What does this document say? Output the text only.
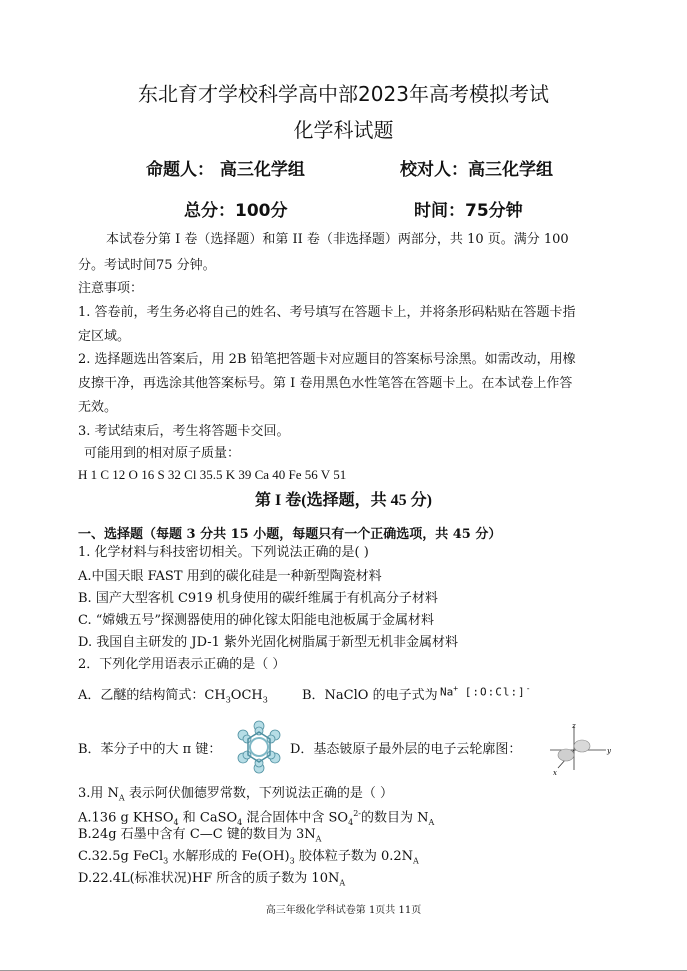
东北育才学校科学高中部2023年高考模拟考试
化学科试题
命题人： 高三化学组	校对人：高三化学组
总分：100分	时间：75分钟
本试卷分第 I 卷（选择题）和第 II 卷（非选择题）两部分，共 10 页。满分 100
分。考试时间75 分钟。
注意事项：
1. 答卷前，考生务必将自己的姓名、考号填写在答题卡上，并将条形码粘贴在答题卡指
定区域。
2. 选择题选出答案后，用 2B 铅笔把答题卡对应题目的答案标号涂黑。如需改动，用橡
皮擦干净，再选涂其他答案标号。第 I 卷用黑色水性笔答在答题卡上。在本试卷上作答
无效。
3. 考试结束后，考生将答题卡交回。
可能用到的相对原子质量：
H 1 C 12 O 16 S 32 Cl 35.5 K 39 Ca 40 Fe 56 V 51
第 I 卷(选择题，共 45 分)
一、选择题（每题 3 分共 15 小题，每题只有一个正确选项，共 45 分）
1. 化学材料与科技密切相关。下列说法正确的是( )
A.中国天眼 FAST 用到的碳化硅是一种新型陶瓷材料
B. 国产大型客机 C919 机身使用的碳纤维属于有机高分子材料
C. “嫦娥五号”探测器使用的砷化镓太阳能电池板属于金属材料
D. 我国自主研发的 JD-1 紫外光固化树脂属于新型无机非金属材料
2．下列化学用语表示正确的是（ ）
A．乙醚的结构简式：$CH_3OCH_3$	B．NaClO 的电子式为 Na+ [:O:Cl:]-
B．苯分子中的大 π 键：	D．基态铍原子最外层的电子云轮廓图：
z
y
x
3.用 $N_A$ 表示阿伏伽德罗常数，下列说法正确的是（ ）
A.136 g $KHSO_4$ 和 CaSO$_4$ 混合固体中含 $SO_4^{2-}$的数目为 $N_A$
B.24g 石墨中含有 C—C 键的数目为 $3N_A$
C.32.5g FeCl$_3$ 水解形成的 $Fe(OH)_3$ 胶体粒子数为 $0.2N_A$
D.22.4L(标准状况)HF 所含的质子数为 $10N_A$
高三年级化学科试卷第 1页共 11页
